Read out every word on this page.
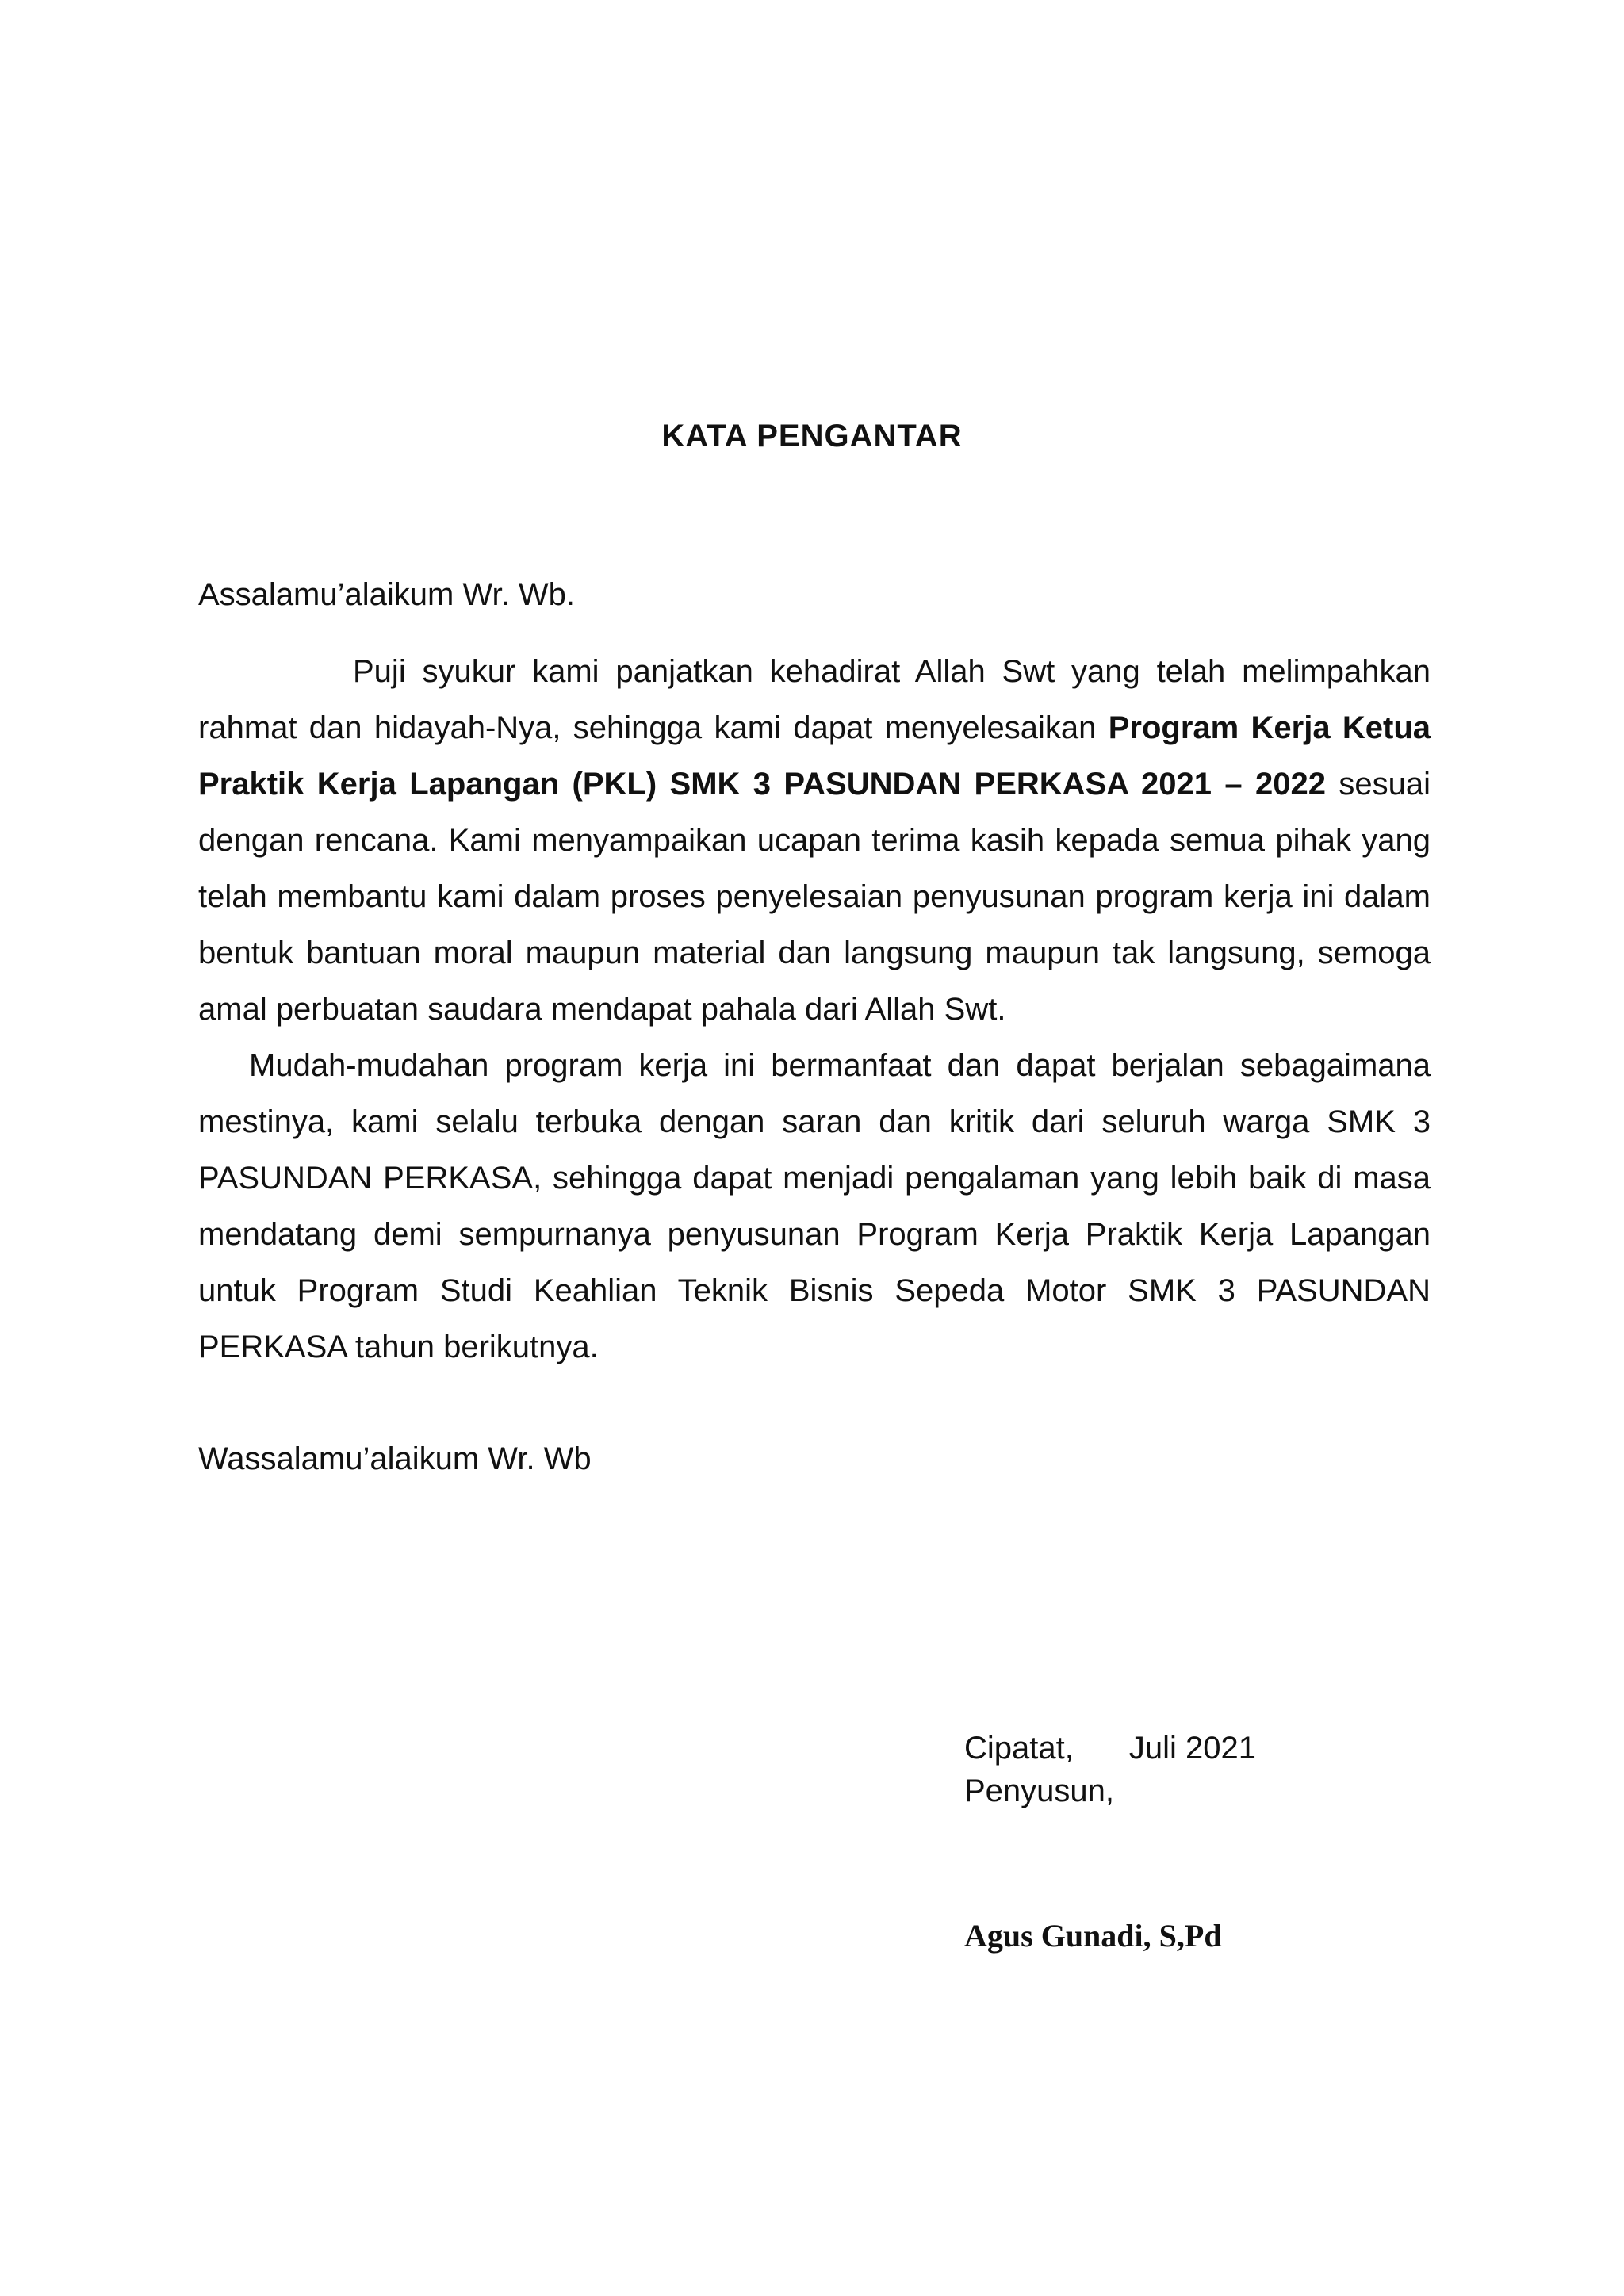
KATA PENGANTAR

Assalamu’alaikum Wr. Wb.

Puji syukur kami panjatkan kehadirat Allah Swt yang telah melimpahkan rahmat dan hidayah-Nya, sehingga kami dapat menyelesaikan Program Kerja Ketua Praktik Kerja Lapangan (PKL) SMK 3 PASUNDAN PERKASA 2021 – 2022 sesuai dengan rencana. Kami menyampaikan ucapan terima kasih kepada semua pihak yang telah membantu kami dalam proses penyelesaian penyusunan program kerja ini dalam bentuk bantuan moral maupun material dan langsung maupun tak langsung, semoga amal perbuatan saudara mendapat pahala dari Allah Swt.

Mudah-mudahan program kerja ini bermanfaat dan dapat berjalan sebagaimana mestinya, kami selalu terbuka dengan saran dan kritik dari seluruh warga SMK 3 PASUNDAN PERKASA, sehingga dapat menjadi pengalaman yang lebih baik di masa mendatang demi sempurnanya penyusunan Program Kerja Praktik Kerja Lapangan untuk Program Studi Keahlian Teknik Bisnis Sepeda Motor SMK 3 PASUNDAN PERKASA tahun berikutnya.

Wassalamu’alaikum Wr. Wb

Cipatat, Juli 2021
Penyusun,

Agus Gunadi, S,Pd
